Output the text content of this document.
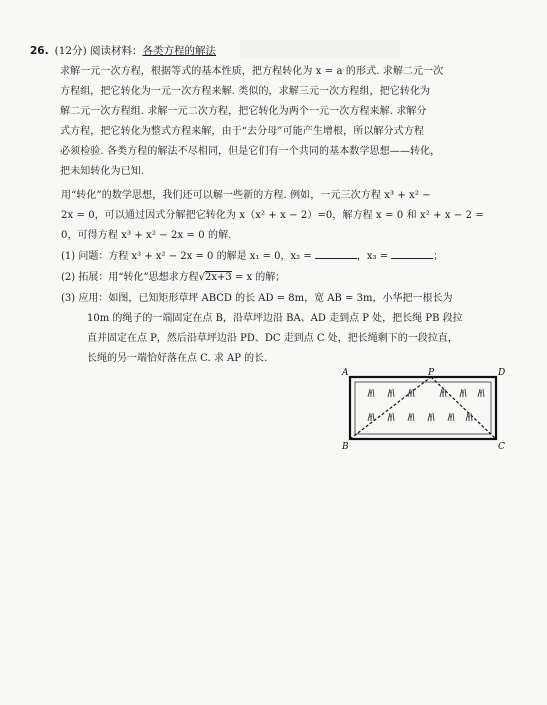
26. (12分) 阅读材料：各类方程的解法
求解一元一次方程，根据等式的基本性质，把方程转化为 x = a 的形式. 求解二元一次
方程组，把它转化为一元一次方程来解. 类似的，求解三元一次方程组，把它转化为
解二元一次方程组. 求解一元二次方程，把它转化为两个一元一次方程来解. 求解分
式方程，把它转化为整式方程来解，由于“去分母”可能产生增根，所以解分式方程
必须检验. 各类方程的解法不尽相同，但是它们有一个共同的基本数学思想——转化，
把未知转化为已知.
用“转化”的数学思想，我们还可以解一些新的方程. 例如，一元三次方程 x³ + x² −
2x = 0，可以通过因式分解把它转化为 x（x² + x − 2）=0，解方程 x = 0 和 x² + x − 2 =
0，可得方程 x³ + x² − 2x = 0 的解.
(1) 问题：方程 x³ + x² − 2x = 0 的解是 x₁ = 0，x₂ =	，x₃ =	；
(2) 拓展：用“转化”思想求方程√2x+3 = x 的解；
(3) 应用：如图，已知矩形草坪 ABCD 的长 AD = 8m，宽 AB = 3m，小华把一根长为
10m 的绳子的一端固定在点 B，沿草坪边沿 BA、AD 走到点 P 处，把长绳 PB 段拉
直并固定在点 P，然后沿草坪边沿 PD、DC 走到点 C 处，把长绳剩下的一段拉直，
长绳的另一端恰好落在点 C. 求 AP 的长.
A	P	D
B	C
